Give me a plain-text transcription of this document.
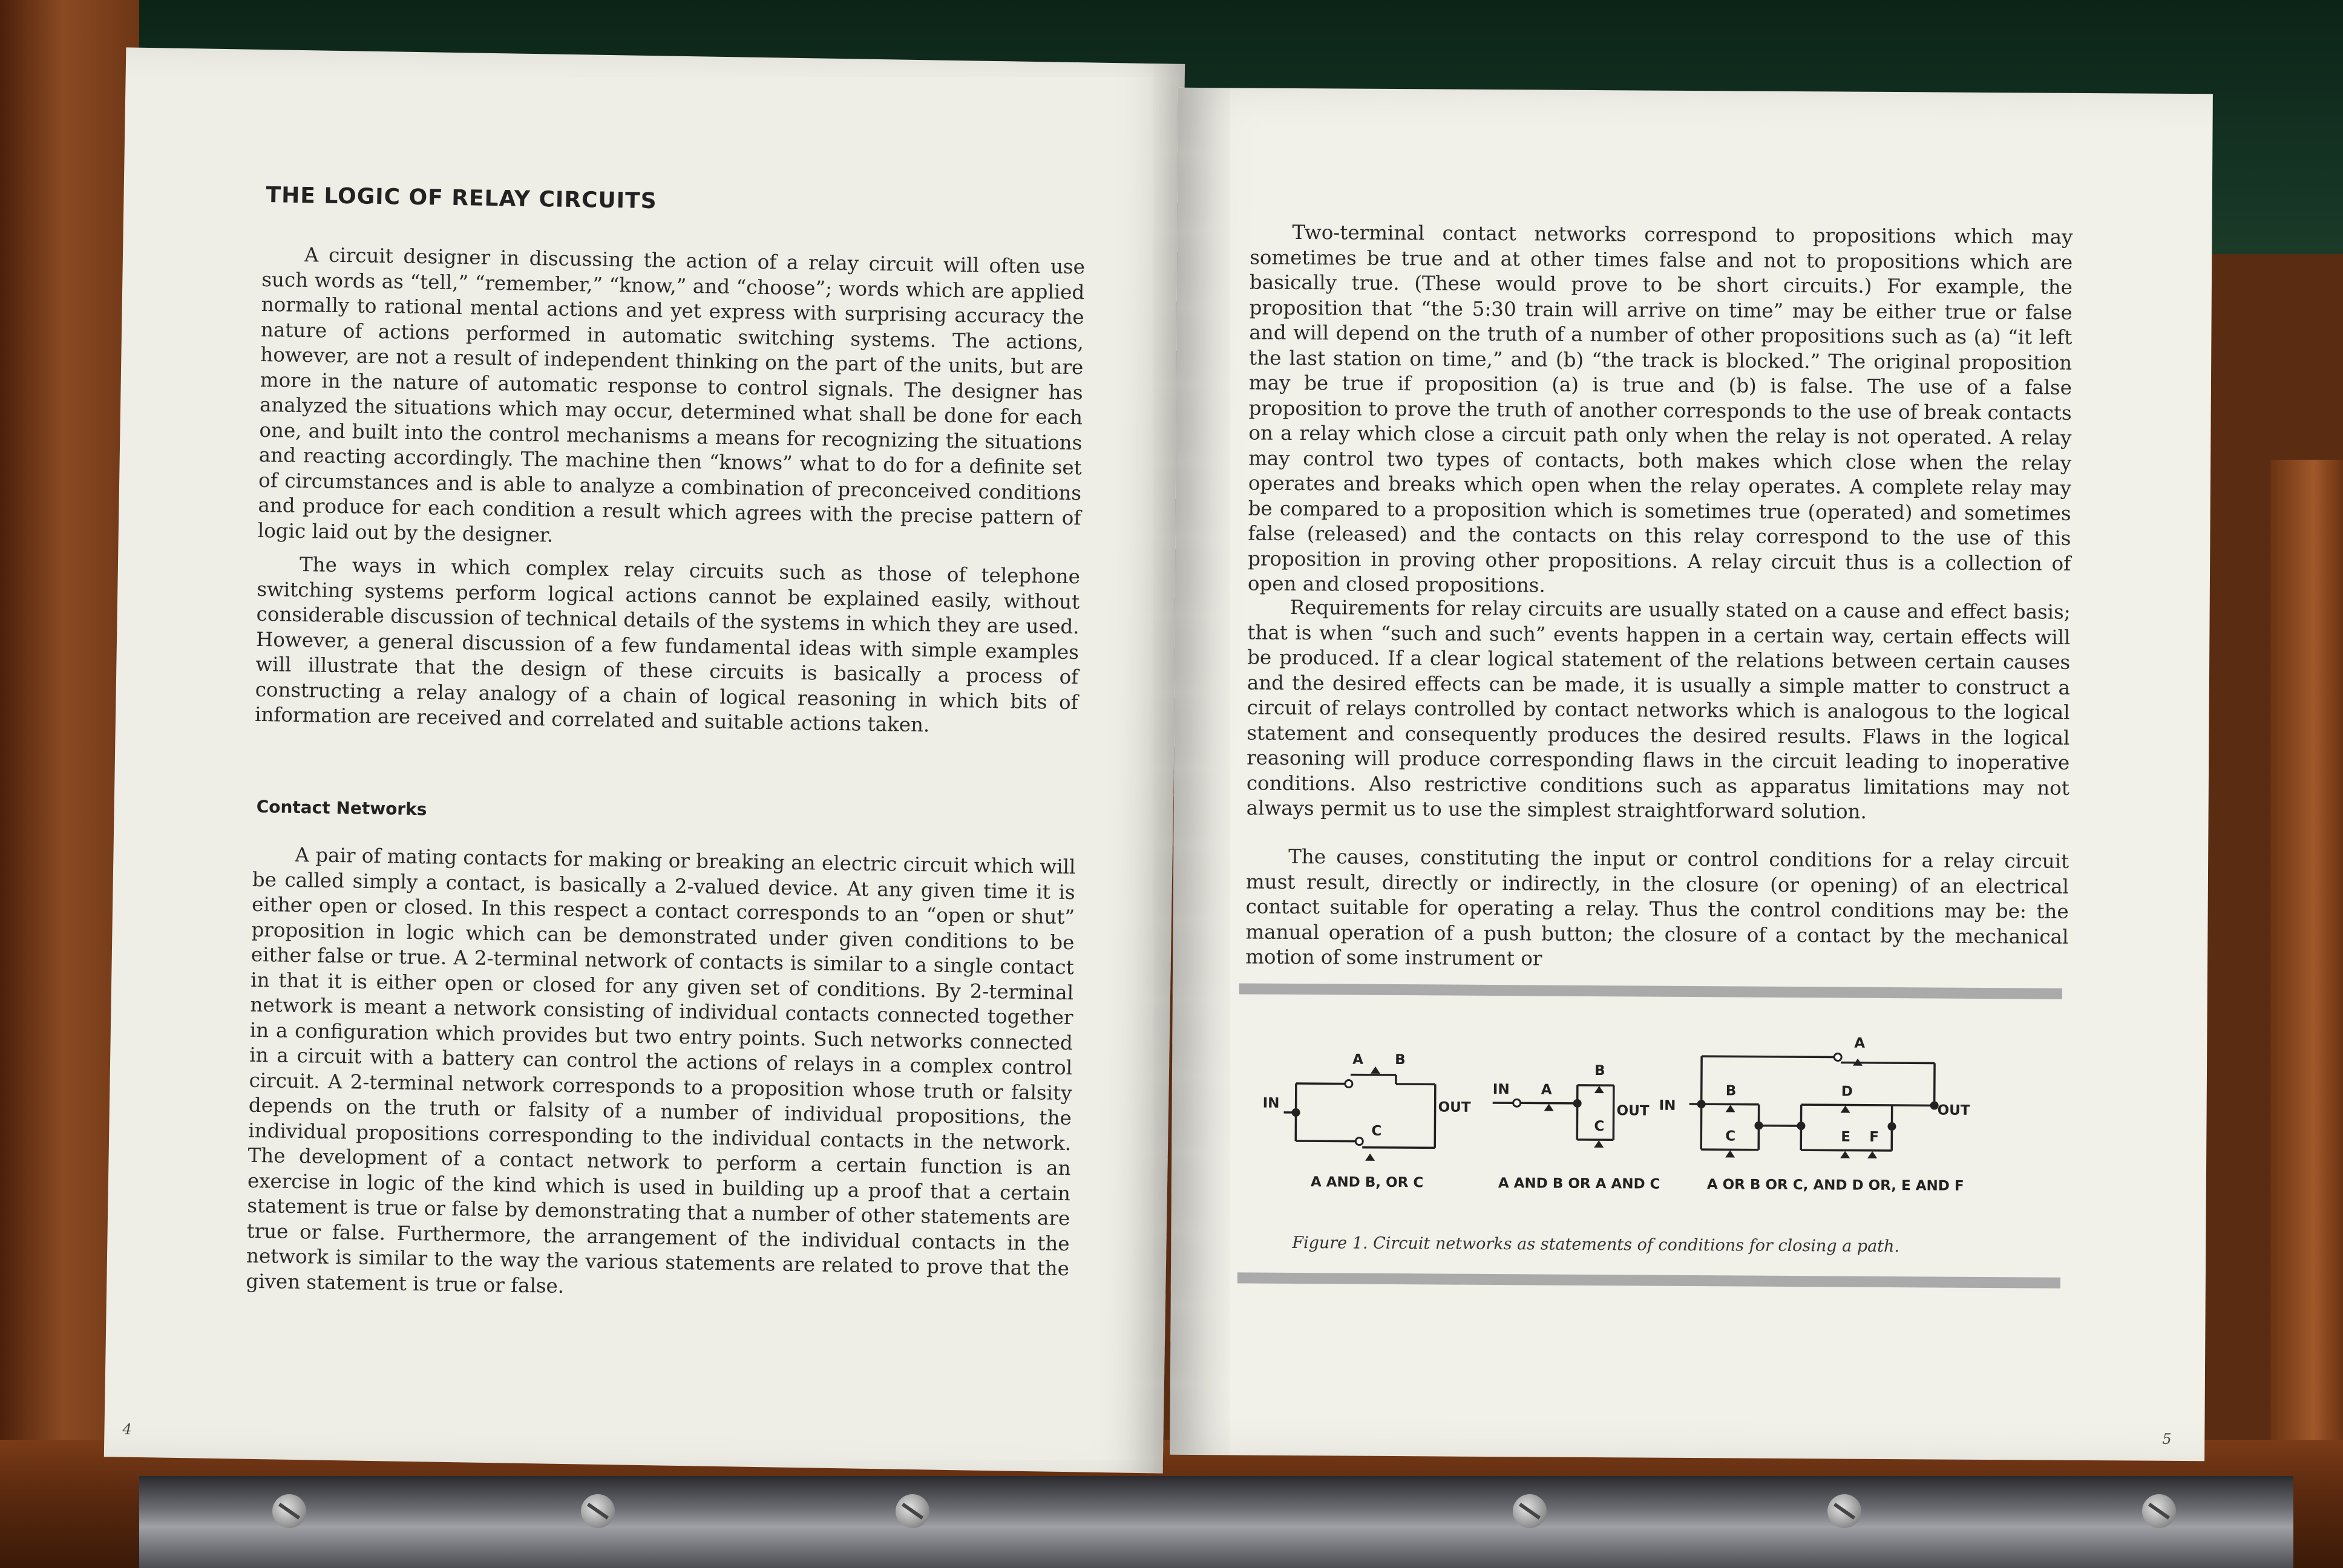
THE LOGIC OF RELAY CIRCUITS

A circuit designer in discussing the action of a relay circuit will often use such words as “tell,” “remember,” “know,” and “choose”; words which are applied normally to rational mental actions and yet express with surprising accuracy the nature of actions performed in automatic switching systems. The actions, however, are not a result of independent thinking on the part of the units, but are more in the nature of automatic response to control signals. The designer has analyzed the situations which may occur, determined what shall be done for each one, and built into the control mechanisms a means for recognizing the situations and reacting accordingly. The machine then “knows” what to do for a definite set of circumstances and is able to analyze a combination of preconceived conditions and produce for each condition a result which agrees with the precise pattern of logic laid out by the designer.

The ways in which complex relay circuits such as those of telephone switching systems perform logical actions cannot be explained easily, without considerable discussion of technical details of the systems in which they are used. However, a general discussion of a few fundamental ideas with simple examples will illustrate that the design of these circuits is basically a process of constructing a relay analogy of a chain of logical reasoning in which bits of information are received and correlated and suitable actions taken.

Contact Networks

A pair of mating contacts for making or breaking an electric circuit which will be called simply a contact, is basically a 2-valued device. At any given time it is either open or closed. In this respect a contact corresponds to an “open or shut” proposition in logic which can be demonstrated under given conditions to be either false or true. A 2-terminal network of contacts is similar to a single contact in that it is either open or closed for any given set of conditions. By 2-terminal network is meant a network consisting of individual contacts connected together in a configuration which provides but two entry points. Such networks connected in a circuit with a battery can control the actions of relays in a complex control circuit. A 2-terminal network corresponds to a proposition whose truth or falsity depends on the truth or falsity of a number of individual propositions, the individual propositions corresponding to the individual contacts in the network. The development of a contact network to perform a certain function is an exercise in logic of the kind which is used in building up a proof that a certain statement is true or false by demonstrating that a number of other statements are true or false. Furthermore, the arrangement of the individual contacts in the network is similar to the way the various statements are related to prove that the given statement is true or false.

4

Two-terminal contact networks correspond to propositions which may sometimes be true and at other times false and not to propositions which are basically true. (These would prove to be short circuits.) For example, the proposition that “the 5:30 train will arrive on time” may be either true or false and will depend on the truth of a number of other propositions such as (a) “it left the last station on time,” and (b) “the track is blocked.” The original proposition may be true if proposition (a) is true and (b) is false. The use of a false proposition to prove the truth of another corresponds to the use of break contacts on a relay which close a circuit path only when the relay is not operated. A relay may control two types of contacts, both makes which close when the relay operates and breaks which open when the relay operates. A complete relay may be compared to a proposition which is sometimes true (operated) and sometimes false (released) and the contacts on this relay correspond to the use of this proposition in proving other propositions. A relay circuit thus is a collection of open and closed propositions.

Requirements for relay circuits are usually stated on a cause and effect basis; that is when “such and such” events happen in a certain way, certain effects will be produced. If a clear logical statement of the relations between certain causes and the desired effects can be made, it is usually a simple matter to construct a circuit of relays controlled by contact networks which is analogous to the logical statement and consequently produces the desired results. Flaws in the logical reasoning will produce corresponding flaws in the circuit leading to inoperative conditions. Also restrictive conditions such as apparatus limitations may not always permit us to use the simplest straightforward solution.

The causes, constituting the input or control conditions for a relay circuit must result, directly or indirectly, in the closure (or opening) of an electrical contact suitable for operating a relay. Thus the control conditions may be: the manual operation of a push button; the closure of a contact by the mechanical motion of some instrument or

IN	OUT
A B
C
IN
OUT
A
B
C
IN	OUT
A
B
C
D
E F
A AND B, OR C	A AND B OR A AND C	A OR B OR C, AND D OR, E AND F
Figure 1. Circuit networks as statements of conditions for closing a path.
5
